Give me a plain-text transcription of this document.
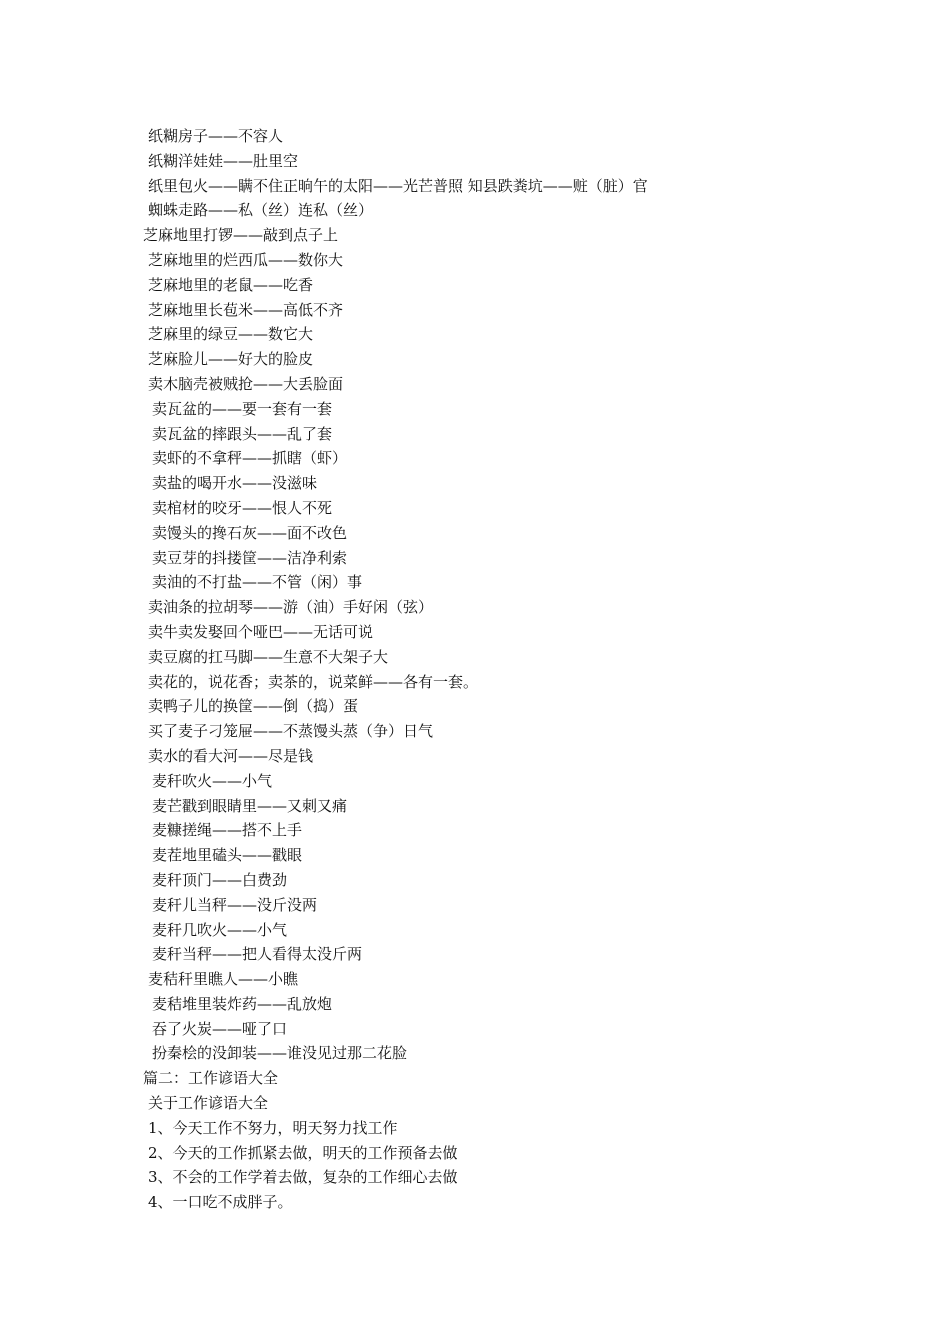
纸糊房子——不容人
纸糊洋娃娃——肚里空
纸里包火——瞒不住正晌午的太阳——光芒普照 知县跌粪坑——赃（脏）官
蜘蛛走路——私（丝）连私（丝）
芝麻地里打锣——敲到点子上
芝麻地里的烂西瓜——数你大
芝麻地里的老鼠——吃香
芝麻地里长苞米——高低不齐
芝麻里的绿豆——数它大
芝麻脸儿——好大的脸皮
卖木脑壳被贼抢——大丢脸面
卖瓦盆的——要一套有一套
卖瓦盆的摔跟头——乱了套
卖虾的不拿秤——抓瞎（虾）
卖盐的喝开水——没滋味
卖棺材的咬牙——恨人不死
卖馒头的搀石灰——面不改色
卖豆芽的抖搂筐——洁净利索
卖油的不打盐——不管（闲）事
卖油条的拉胡琴——游（油）手好闲（弦）
卖牛卖发娶回个哑巴——无话可说
卖豆腐的扛马脚——生意不大架子大
卖花的，说花香；卖茶的，说菜鲜——各有一套。
卖鸭子儿的换筐——倒（捣）蛋
买了麦子刁笼屉——不蒸馒头蒸（争）日气
卖水的看大河——尽是钱
麦秆吹火——小气
麦芒戳到眼睛里——又刺又痛
麦糠搓绳——搭不上手
麦茬地里磕头——戳眼
麦秆顶门——白费劲
麦秆儿当秤——没斤没两
麦秆几吹火——小气
麦秆当秤——把人看得太没斤两
麦秸秆里瞧人——小瞧
麦秸堆里装炸药——乱放炮
吞了火炭——哑了口
扮秦桧的没卸装——谁没见过那二花脸
篇二：工作谚语大全
关于工作谚语大全
1、今天工作不努力，明天努力找工作
2、今天的工作抓紧去做，明天的工作预备去做
3、不会的工作学着去做，复杂的工作细心去做
4、一口吃不成胖子。
